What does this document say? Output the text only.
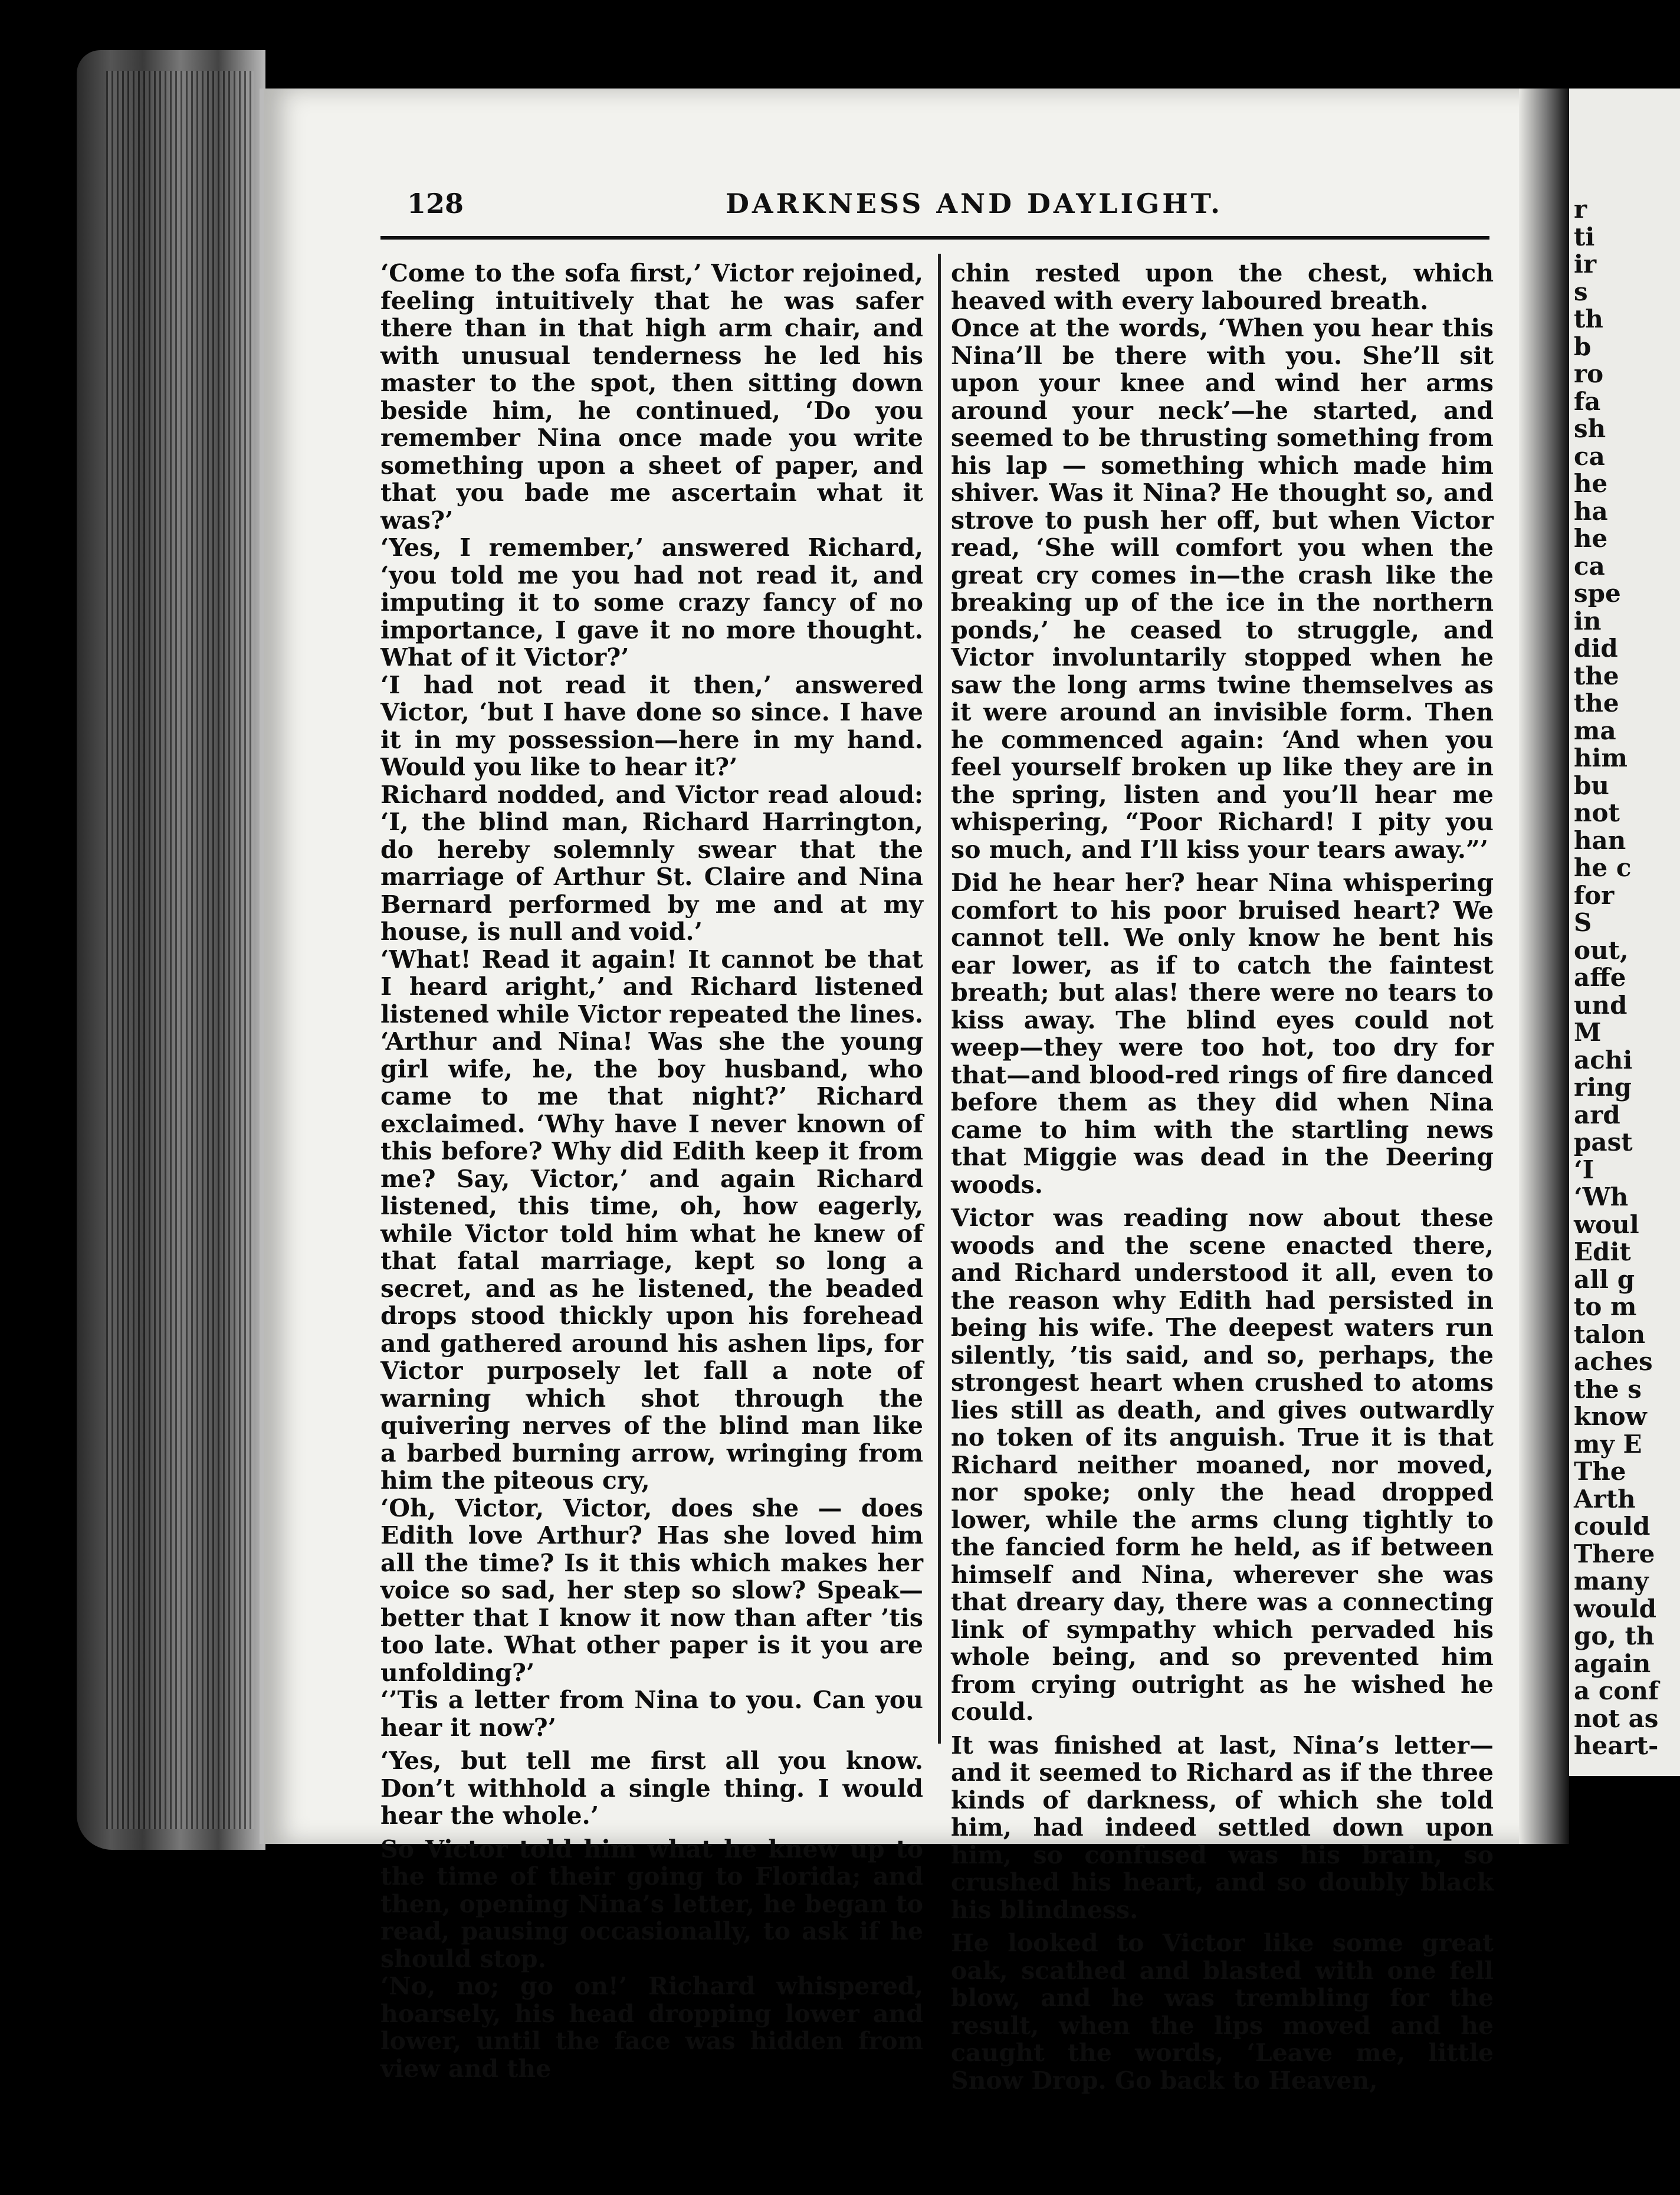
r
ti
ir
s
th
b
ro
fa
sh
ca
he
ha
he
ca
spe
in
did
the
the
ma
him
bu
not
han
he c
for
S
out,
affe
und
M
achi
ring
ard
past
‘I
‘Wh
woul
Edit
all g
to m
talon
aches
the s
know
my E
The
Arth
could
There
many
would
go, th
again
a conf
not as
heart-
128	DARKNESS AND DAYLIGHT.

‘Come to the sofa first,’ Victor rejoined, feeling intuitively that he was safer there than in that high arm chair, and with unusual tenderness he led his master to the spot, then sitting down beside him, he continued, ‘Do you remember Nina once made you write something upon a sheet of paper, and that you bade me ascertain what it was?’

‘Yes, I remember,’ answered Richard, ‘you told me you had not read it, and imputing it to some crazy fancy of no importance, I gave it no more thought. What of it Victor?’

‘I had not read it then,’ answered Victor, ‘but I have done so since. I have it in my possession—here in my hand. Would you like to hear it?’

Richard nodded, and Victor read aloud: ‘I, the blind man, Richard Harrington, do hereby solemnly swear that the marriage of Arthur St. Claire and Nina Bernard performed by me and at my house, is null and void.’

‘What! Read it again! It cannot be that I heard aright,’ and Richard listened listened while Victor repeated the lines. ‘Arthur and Nina! Was she the young girl wife, he, the boy husband, who came to me that night?’ Richard exclaimed. ‘Why have I never known of this before? Why did Edith keep it from me? Say, Victor,’ and again Richard listened, this time, oh, how eagerly, while Victor told him what he knew of that fatal marriage, kept so long a secret, and as he listened, the beaded drops stood thickly upon his forehead and gathered around his ashen lips, for Victor purposely let fall a note of warning which shot through the quivering nerves of the blind man like a barbed burning arrow, wringing from him the piteous cry,

‘Oh, Victor, Victor, does she — does Edith love Arthur? Has she loved him all the time? Is it this which makes her voice so sad, her step so slow? Speak—better that I know it now than after ’tis too late. What other paper is it you are unfolding?’

‘’Tis a letter from Nina to you. Can you hear it now?’

‘Yes, but tell me first all you know. Don’t withhold a single thing. I would hear the whole.’

So Victor told him what he knew up to the time of their going to Florida; and then, opening Nina’s letter, he began to read, pausing occasionally, to ask if he should stop.

‘No, no; go on!’ Richard whispered, hoarsely, his head dropping lower and lower, until the face was hidden from view and the

chin rested upon the chest, which heaved with every laboured breath.

Once at the words, ‘When you hear this Nina’ll be there with you. She’ll sit upon your knee and wind her arms around your neck’—he started, and seemed to be thrusting something from his lap — something which made him shiver. Was it Nina? He thought so, and strove to push her off, but when Victor read, ‘She will comfort you when the great cry comes in—the crash like the breaking up of the ice in the northern ponds,’ he ceased to struggle, and Victor involuntarily stopped when he saw the long arms twine themselves as it were around an invisible form. Then he commenced again: ‘And when you feel yourself broken up like they are in the spring, listen and you’ll hear me whispering, “Poor Richard! I pity you so much, and I’ll kiss your tears away.”’

Did he hear her? hear Nina whispering comfort to his poor bruised heart? We cannot tell. We only know he bent his ear lower, as if to catch the faintest breath; but alas! there were no tears to kiss away. The blind eyes could not weep—they were too hot, too dry for that—and blood-red rings of fire danced before them as they did when Nina came to him with the startling news that Miggie was dead in the Deering woods.

Victor was reading now about these woods and the scene enacted there, and Richard understood it all, even to the reason why Edith had persisted in being his wife. The deepest waters run silently, ’tis said, and so, perhaps, the strongest heart when crushed to atoms lies still as death, and gives outwardly no token of its anguish. True it is that Richard neither moaned, nor moved, nor spoke; only the head dropped lower, while the arms clung tightly to the fancied form he held, as if between himself and Nina, wherever she was that dreary day, there was a connecting link of sympathy which pervaded his whole being, and so prevented him from crying outright as he wished he could.

It was finished at last, Nina’s letter—and it seemed to Richard as if the three kinds of darkness, of which she told him, had indeed settled down upon him, so confused was his brain, so crushed his heart, and so doubly black his blindness.

He looked to Victor like some great oak, scathed and blasted with one fell blow, and he was trembling for the result, when the lips moved and he caught the words, ‘Leave me, little Snow Drop. Go back to Heaven,
